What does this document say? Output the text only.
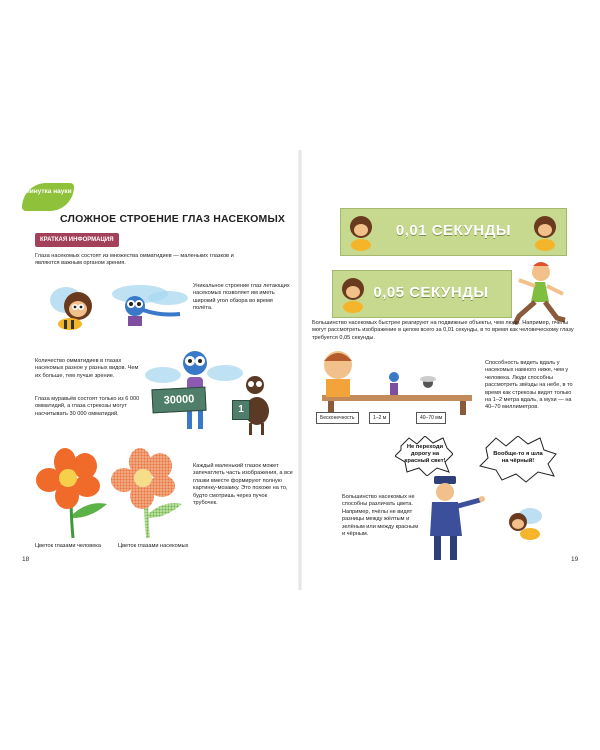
Минутка науки
СЛОЖНОЕ СТРОЕНИЕ ГЛАЗ НАСЕКОМЫХ
КРАТКАЯ ИНФОРМАЦИЯ
Глаза насекомых состоят из множества омматидиев — маленьких глазков и являются важным органом зрения.
Уникальное строение глаз летающих насекомых позволяет им иметь широкий угол обзора во время полёта.
Количество омматидиев в глазах насекомых разное у разных видов. Чем их больше, тем лучше зрение.
Глаза муравьёв состоят только из 6 000 омматидий, а глаза стрекозы могут насчитывать 30 000 омматидий.
30000
1
Каждый маленький глазок может запечатлеть часть изображения, а все глазки вместе формируют полную картинку-мозаику. Это похоже на то, будто смотришь через пучок трубочек.
Цветок глазами человека	Цветок глазами насекомых
18
0,01 СЕКУНДЫ
0,05 СЕКУНДЫ
Большинство насекомых быстрее реагируют на подвижные объекты, чем люди. Например, пчёлы могут рассмотреть изображение в целом всего за 0,01 секунды, в то время как человеческому глазу требуется 0,05 секунды.
Бесконечность	1–2 м	40–70 мм
Способность видеть вдаль у насекомых намного ниже, чем у человека. Люди способны рассмотреть звёзды на небе, в то время как стрекозы видят только на 1–2 метра вдаль, а мухи — на 40–70 миллиметров.
Не переходи дорогу на красный свет!
Вообще-то я шла на чёрный!
Большинство насекомых не способны различать цвета. Например, пчёлы не видят разницы между жёлтым и зелёным или между красным и чёрным.
19
